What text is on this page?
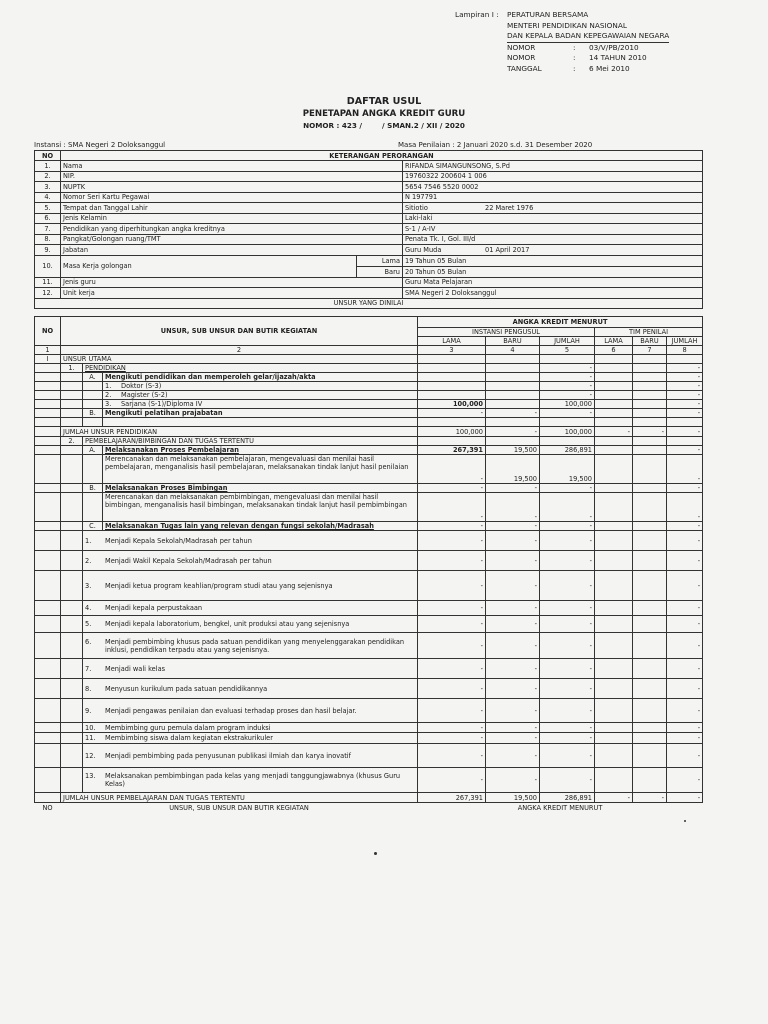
Lampiran I : PERATURAN BERSAMA
MENTERI PENDIDIKAN NASIONAL
DAN KEPALA BADAN KEPEGAWAIAN NEGARA
NOMOR	: 03/V/PB/2010
NOMOR	: 14 TAHUN 2010
TANGGAL	: 6 Mei 2010
DAFTAR USUL
PENETAPAN ANGKA KREDIT GURU
NOMOR : 423 /        / SMAN.2 / XII / 2020
Instansi : SMA Negeri 2 Doloksanggul	Masa Penilaian : 2 Januari 2020 s.d. 31 Desember 2020
NO	KETERANGAN PERORANGAN		
1.	Nama		RIFANDA SIMANGUNSONG, S.Pd
2.	NIP.		19760322 200604 1 006
3.	NUPTK		5654 7546 5520 0002
4.	Nomor Seri Kartu Pegawai		N 197791
5.	Tempat dan Tanggal Lahir		Sitiotio 22 Maret 1976
6.	Jenis Kelamin		Laki-laki
7.	Pendidikan yang diperhitungkan angka kreditnya		S-1 / A-IV
8.	Pangkat/Golongan ruang/TMT		Penata Tk. I, Gol. III/d
9.	Jabatan		Guru Muda 01 April 2017
10.	Masa Kerja golongan	Lama	19 Tahun 05 Bulan
		Baru	20 Tahun 05 Bulan
11.	Jenis guru		Guru Mata Pelajaran
12.	Unit kerja		SMA Negeri 2 Doloksanggul
UNSUR YANG DINILAI			
NO	UNSUR, SUB UNSUR DAN BUTIR KEGIATAN			ANGKA KREDIT MENURUT					
				INSTANSI PENGUSUL			TIM PENILAI		
				LAMA	BARU	JUMLAH	LAMA	BARU	JUMLAH
1	2			3	4	5	6	7	8
I	UNSUR UTAMA								
	1.	PENDIDIKAN				-			-
		A.	Mengikuti pendidikan dan memperoleh gelar/ijazah/akta			-			-
			1. Doktor (S-3)			-			-
			2. Magister (S-2)			-			-
			3. Sarjana (S-1)/Diploma IV	100,000		100,000			-
		B.	Mengikuti pelatihan prajabatan	-	-	-			-

	JUMLAH UNSUR PENDIDIKAN			100,000	-	100,000	-	-	-
	2.	PEMBELAJARAN/BIMBINGAN DAN TUGAS TERTENTU							
		A.	Melaksanakan Proses Pembelajaran	267,391	19,500	286,891			-
			Merencanakan dan melaksanakan pembelajaran, mengevaluasi dan menilai hasil pembelajaran, menganalisis hasil pembelajaran, melaksanakan tindak lanjut hasil penilaian	-	19,500	19,500			-
		B.	Melaksanakan Proses Bimbingan	-	-	-			-
			Merencanakan dan melaksanakan pembimbingan, mengevaluasi dan menilai hasil bimbingan, menganalisis hasil bimbingan, melaksanakan tindak lanjut hasil pembimbingan	-	-	-			-
		C.	Melaksanakan Tugas lain yang relevan dengan fungsi sekolah/Madrasah	-	-	-			-
		1. Menjadi Kepala Sekolah/Madrasah per tahun		-	-	-			-
		2. Menjadi Wakil Kepala Sekolah/Madrasah per tahun		-	-	-			-
		3. Menjadi ketua program keahlian/program studi atau yang sejenisnya		-	-	-			-
		4. Menjadi kepala perpustakaan		-	-	-			-
		5. Menjadi kepala laboratorium, bengkel, unit produksi atau yang sejenisnya		-	-	-			-
		6. Menjadi pembimbing khusus pada satuan pendidikan yang menyelenggarakan pendidikan inklusi, pendidikan terpadu atau yang sejenisnya.		-	-	-			-
		7. Menjadi wali kelas		-	-	-			-
		8. Menyusun kurikulum pada satuan pendidikannya		-	-	-			-
		9. Menjadi pengawas penilaian dan evaluasi terhadap proses dan hasil belajar.		-	-	-			-
		10. Membimbing guru pemula dalam program induksi		-	-	-			-
		11. Membimbing siswa dalam kegiatan ekstrakurikuler		-	-	-			-
		12. Menjadi pembimbing pada penyusunan publikasi ilmiah dan karya inovatif		-	-	-			-
		13. Melaksanakan pembimbingan pada kelas yang menjadi tanggungjawabnya (khusus Guru Kelas)		-	-	-			-
	JUMLAH UNSUR PEMBELAJARAN DAN TUGAS TERTENTU			267,391	19,500	286,891	-	-	-
NO	UNSUR, SUB UNSUR DAN BUTIR KEGIATAN			ANGKA KREDIT MENURUT					
